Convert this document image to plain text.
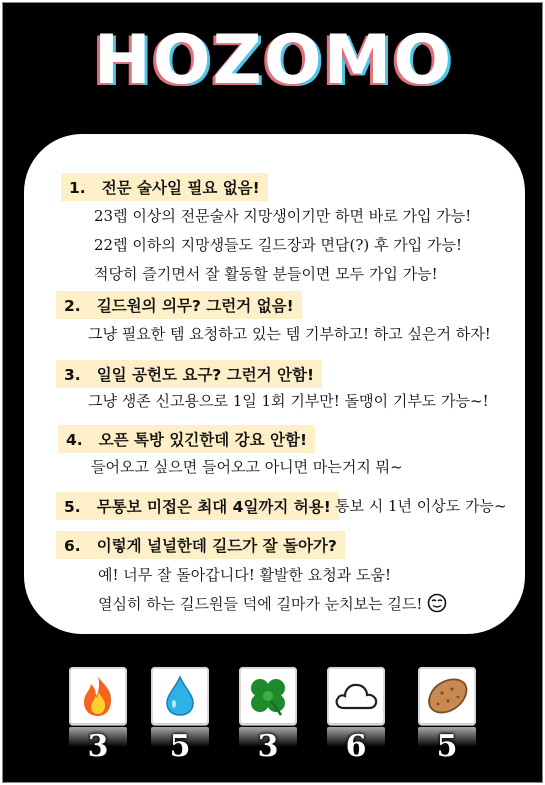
HOZOMO
1. 전문 술사일 필요 없음!
23렙 이상의 전문술사 지망생이기만 하면 바로 가입 가능!
22렙 이하의 지망생들도 길드장과 면담(?) 후 가입 가능!
적당히 즐기면서 잘 활동할 분들이면 모두 가입 가능!
2. 길드원의 의무? 그런거 없음!
그냥 필요한 템 요청하고 있는 템 기부하고! 하고 싶은거 하자!
3. 일일 공헌도 요구? 그런거 안함!
그냥 생존 신고용으로 1일 1회 기부만! 돌맹이 기부도 가능~!
4. 오픈 톡방 있긴한데 강요 안함!
들어오고 싶으면 들어오고 아니면 마는거지 뭐~
5. 무통보 미접은 최대 4일까지 허용! 통보 시 1년 이상도 가능~
6. 이렇게 널널한데 길드가 잘 돌아가?
예! 너무 잘 돌아갑니다! 활발한 요청과 도움!
열심히 하는 길드원들 덕에 길마가 눈치보는 길드!
3	5	3	6	5
